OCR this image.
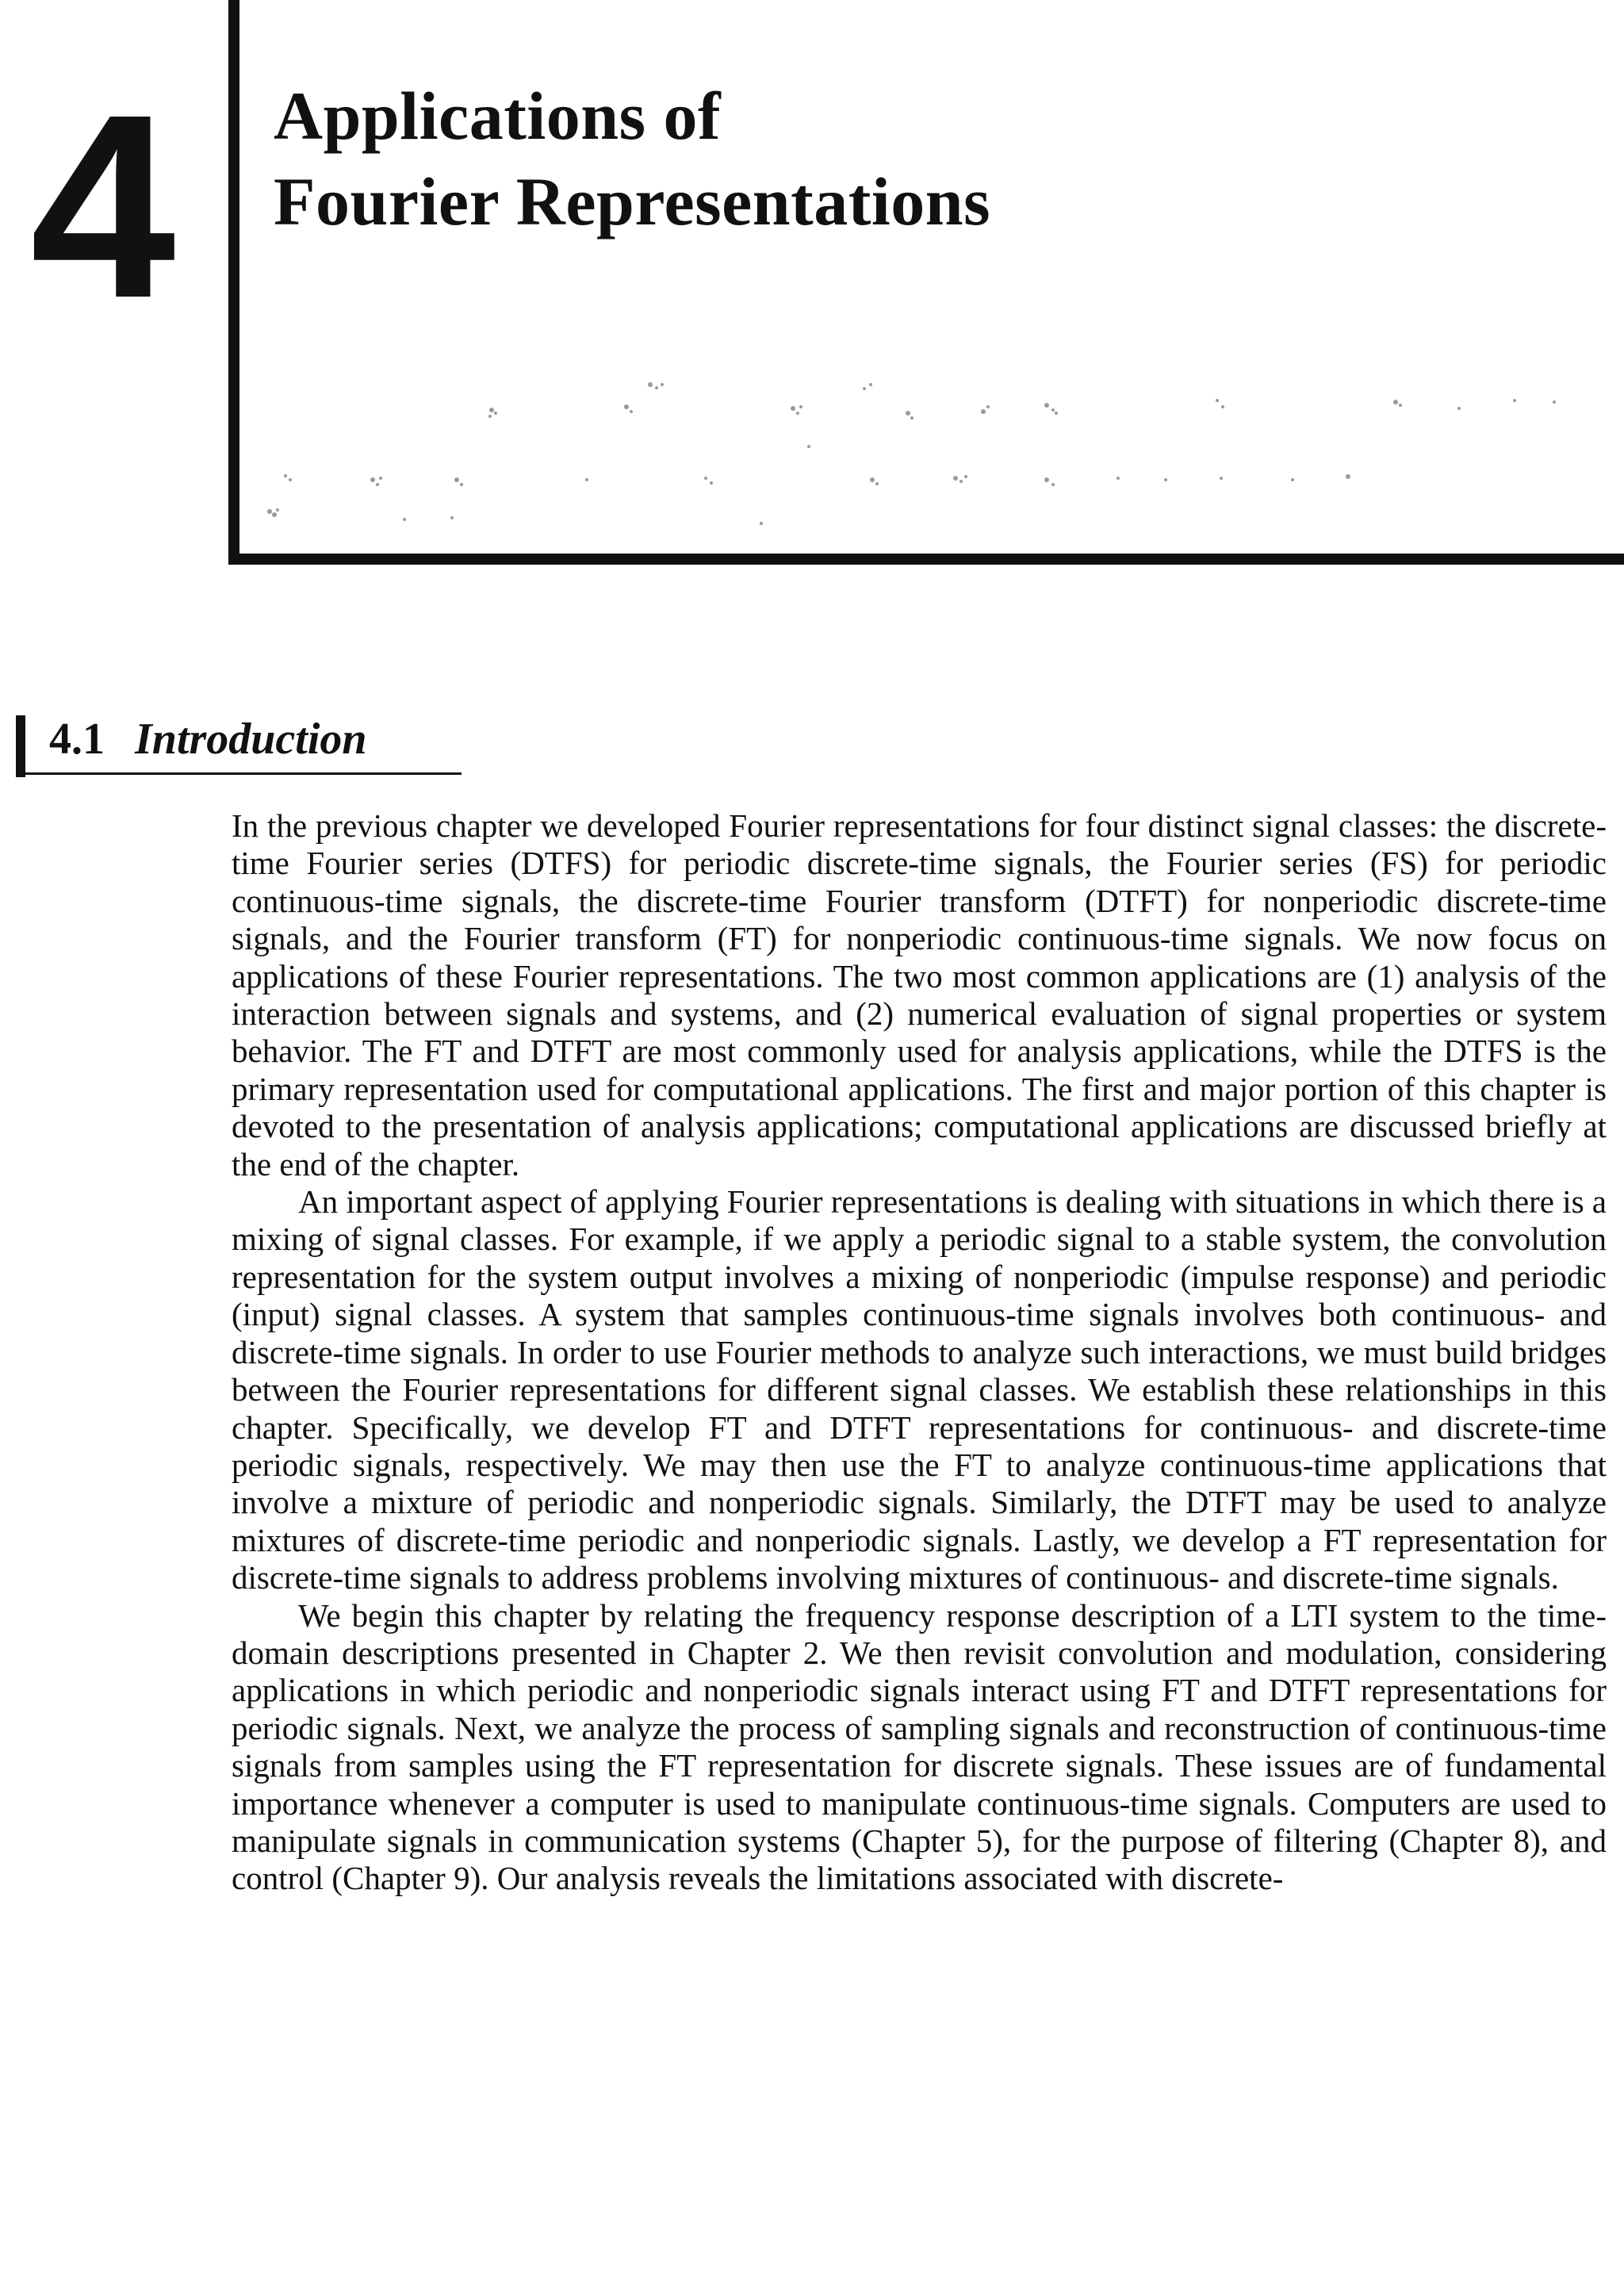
4 Applications of
Fourier Representations
4.1 Introduction

In the previous chapter we developed Fourier representations for four distinct signal classes: the discrete-time Fourier series (DTFS) for periodic discrete-time signals, the Fourier series (FS) for periodic continuous-time signals, the discrete-time Fourier transform (DTFT) for nonperiodic discrete-time signals, and the Fourier transform (FT) for nonperiodic continuous-time signals. We now focus on applications of these Fourier representations. The two most common applications are (1) analysis of the interaction between signals and systems, and (2) numerical evaluation of signal properties or system behavior. The FT and DTFT are most commonly used for analysis applications, while the DTFS is the primary representation used for computational applications. The first and major portion of this chapter is devoted to the presentation of analysis applications; computational applications are discussed briefly at the end of the chapter.

An important aspect of applying Fourier representations is dealing with situations in which there is a mixing of signal classes. For example, if we apply a periodic signal to a stable system, the convolution representation for the system output involves a mixing of nonperiodic (impulse response) and periodic (input) signal classes. A system that samples continuous-time signals involves both continuous- and discrete-time signals. In order to use Fourier methods to analyze such interactions, we must build bridges between the Fourier representations for different signal classes. We establish these relationships in this chapter. Specifically, we develop FT and DTFT representations for continuous- and discrete-time periodic signals, respectively. We may then use the FT to analyze continuous-time applications that involve a mixture of periodic and nonperiodic signals. Similarly, the DTFT may be used to analyze mixtures of discrete-time periodic and nonperiodic signals. Lastly, we develop a FT representation for discrete-time signals to address problems involving mixtures of continuous- and discrete-time signals.

We begin this chapter by relating the frequency response description of a LTI system to the time-domain descriptions presented in Chapter 2. We then revisit convolution and modulation, considering applications in which periodic and nonperiodic signals interact using FT and DTFT representations for periodic signals. Next, we analyze the process of sampling signals and reconstruction of continuous-time signals from samples using the FT representation for discrete signals. These issues are of fundamental importance whenever a computer is used to manipulate continuous-time signals. Computers are used to manipulate signals in communication systems (Chapter 5), for the purpose of filtering (Chapter 8), and control (Chapter 9). Our analysis reveals the limitations associated with discrete-
